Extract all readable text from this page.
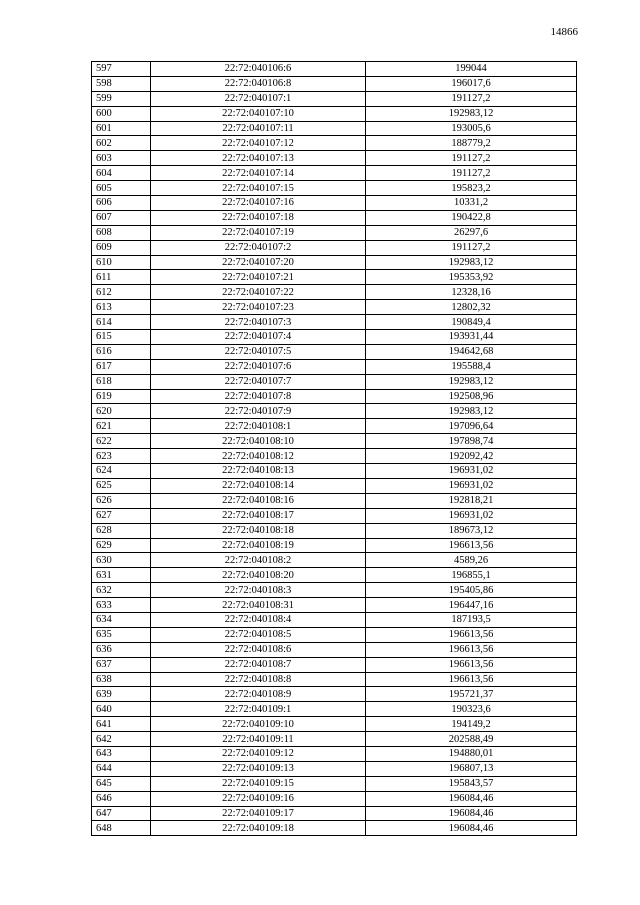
14866
597	22:72:040106:6	199044
598	22:72:040106:8	196017,6
599	22:72:040107:1	191127,2
600	22:72:040107:10	192983,12
601	22:72:040107:11	193005,6
602	22:72:040107:12	188779,2
603	22:72:040107:13	191127,2
604	22:72:040107:14	191127,2
605	22:72:040107:15	195823,2
606	22:72:040107:16	10331,2
607	22:72:040107:18	190422,8
608	22:72:040107:19	26297,6
609	22:72:040107:2	191127,2
610	22:72:040107:20	192983,12
611	22:72:040107:21	195353,92
612	22:72:040107:22	12328,16
613	22:72:040107:23	12802,32
614	22:72:040107:3	190849,4
615	22:72:040107:4	193931,44
616	22:72:040107:5	194642,68
617	22:72:040107:6	195588,4
618	22:72:040107:7	192983,12
619	22:72:040107:8	192508,96
620	22:72:040107:9	192983,12
621	22:72:040108:1	197096,64
622	22:72:040108:10	197898,74
623	22:72:040108:12	192092,42
624	22:72:040108:13	196931,02
625	22:72:040108:14	196931,02
626	22:72:040108:16	192818,21
627	22:72:040108:17	196931,02
628	22:72:040108:18	189673,12
629	22:72:040108:19	196613,56
630	22:72:040108:2	4589,26
631	22:72:040108:20	196855,1
632	22:72:040108:3	195405,86
633	22:72:040108:31	196447,16
634	22:72:040108:4	187193,5
635	22:72:040108:5	196613,56
636	22:72:040108:6	196613,56
637	22:72:040108:7	196613,56
638	22:72:040108:8	196613,56
639	22:72:040108:9	195721,37
640	22:72:040109:1	190323,6
641	22:72:040109:10	194149,2
642	22:72:040109:11	202588,49
643	22:72:040109:12	194880,01
644	22:72:040109:13	196807,13
645	22:72:040109:15	195843,57
646	22:72:040109:16	196084,46
647	22:72:040109:17	196084,46
648	22:72:040109:18	196084,46
